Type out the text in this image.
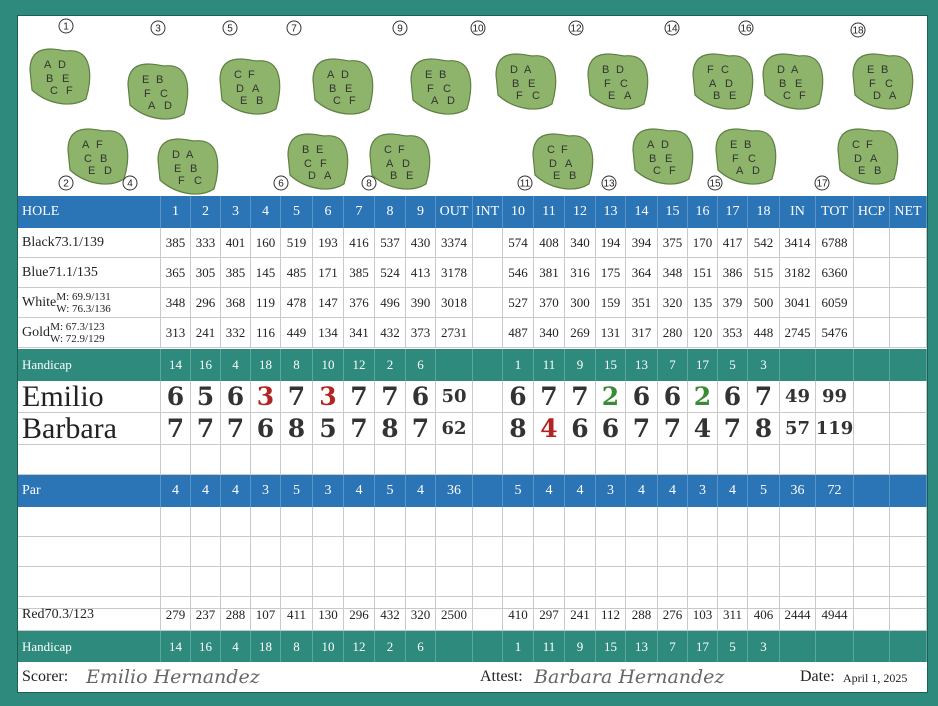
A D
B E
C F
1
A F
C B
E D
2
E B
F C
A D
3
D A
E B
F C
4
C F
D A
E B
5
B E
C F
D A
6
A D
B E
C F
7
C F
A D
B E
8
E B
F C
A D
9
D A
B E
F C
10
C F
D A
E B
11
B D
F C
E A
12
A D
B E
C F
13
F C
A D
B E
14
E B
F C
A D
15
D A
B E
C F
16
C F
D A
E B
17
E B
F C
D A
18
HOLE	1	2	3	4	5	6	7	8	9	OUT INT 10	11	12	13	14	15	16	17	18	IN	TOT HCP NET
Black 73.1/139	385 333 401 160 519 193 416 537 430 3374	574 408 340 194 394 375 170 417 542 3414 6788
Blue 71.1/135	365 305 385 145 485 171 385 524 413 3178	546 381 316 175 364 348 151 386 515 3182 6360
White M: 69.9/131
W: 76.3/136	348 296 368 119 478 147 376 496 390 3018	527 370 300 159 351 320 135 379 500 3041 6059
Gold M: 67.3/123
W: 72.9/129	313 241 332 116 449 134 341 432 373 2731	487 340 269 131 317 280 120 353 448 2745 5476
Handicap	14	16	4	18	8	10	12	2	6	1	11	9	15	13	7	17	5	3
Emilio	6 5 6 3 7 3 7 7 6 50 6 7 7 2 6 6 2 6 7 49 99
Barbara	7 7 7 6 8 5 7 8 7 62 8 4 6 6 7 7 4 7 8 57 119
Par	4	4	4	3	5	3	4	5	4	36	5	4	4	3	4	4	3	4	5	36	72
Red 70.3/123	279 237 288 107 411 130 296 432 320 2500	410 297 241 112 288 276 103 311 406 2444 4944
Handicap	14	16	4	18	8	10	12	2	6	1	11	9	15	13	7	17	5	3
Scorer: Emilio Hernandez	Attest: Barbara Hernandez	Date: April 1, 2025
